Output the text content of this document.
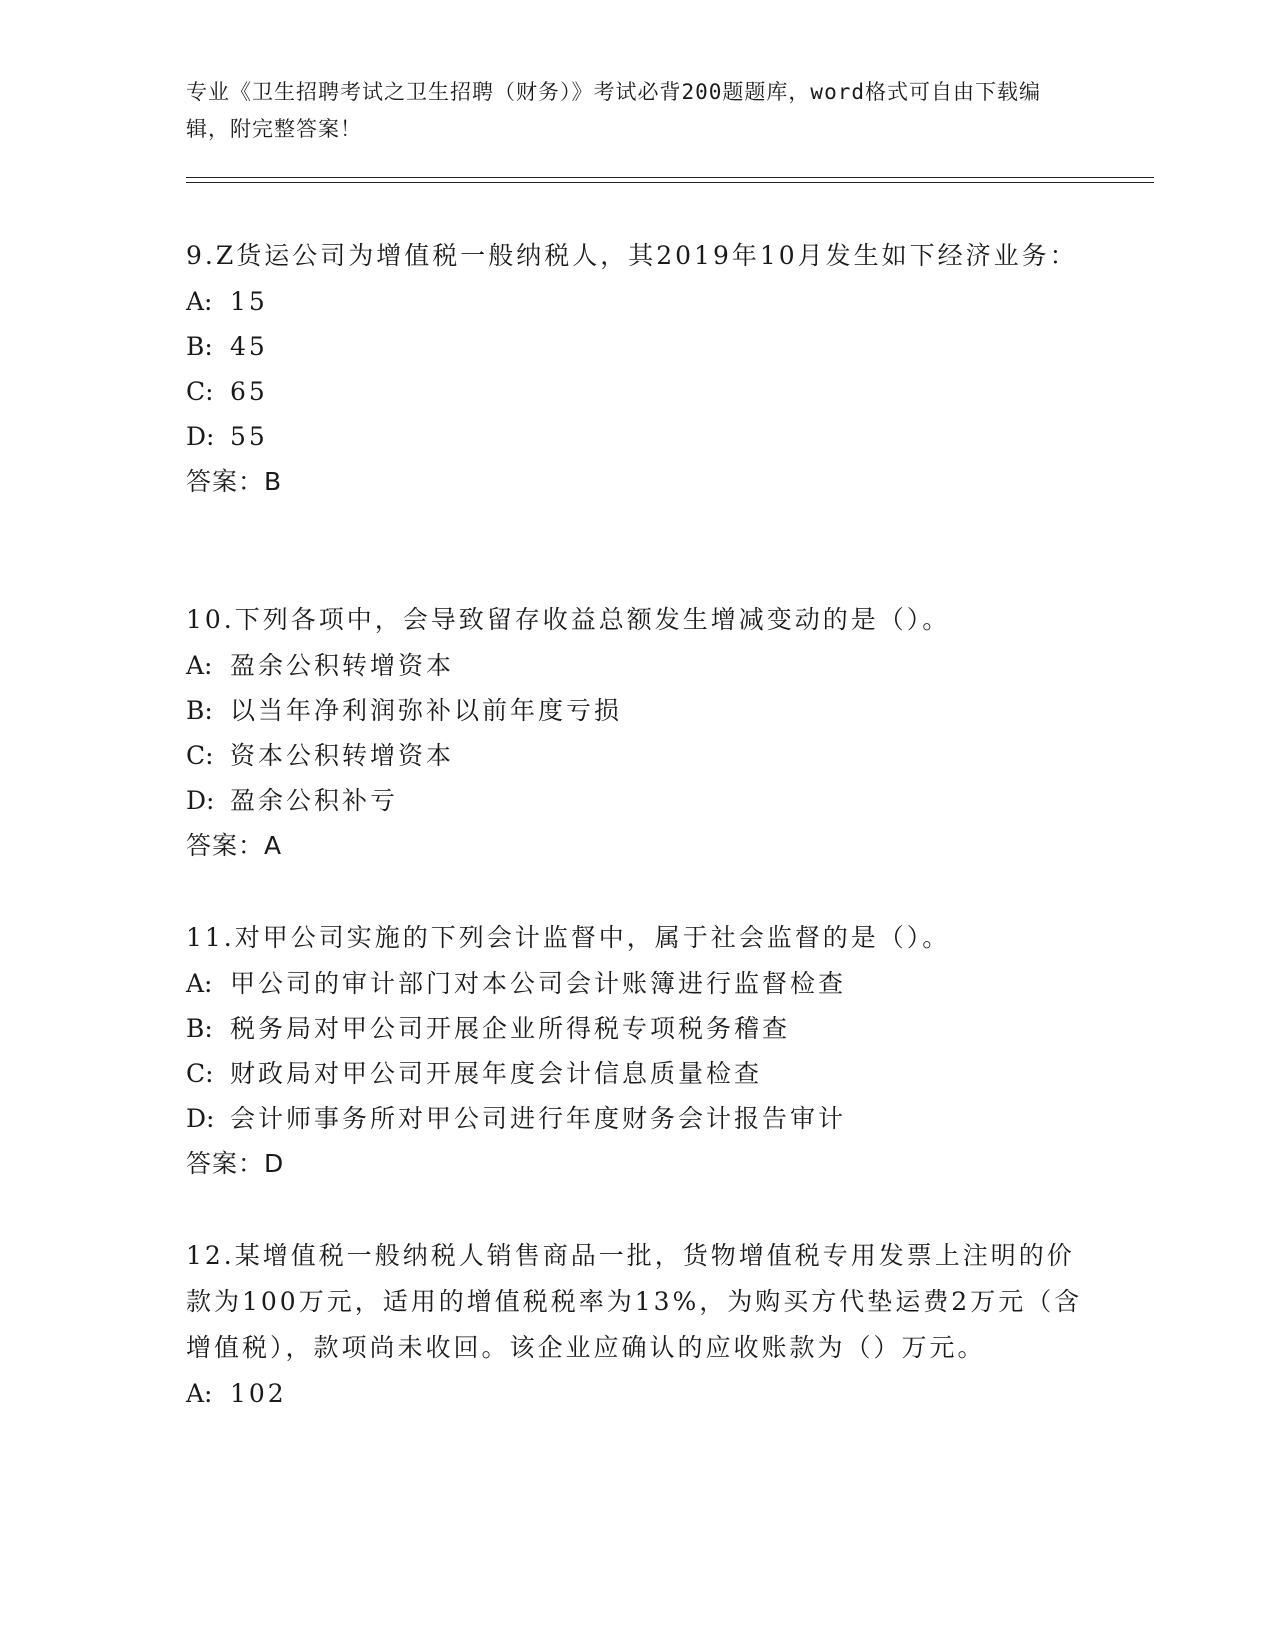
专业《卫生招聘考试之卫生招聘（财务）》考试必背200题题库，word格式可自由下载编辑，附完整答案！

9.Z货运公司为增值税一般纳税人，其2019年10月发生如下经济业务：

A: 15

B: 45

C: 65

D: 55

答案：B

10.下列各项中，会导致留存收益总额发生增减变动的是（）。

A: 盈余公积转增资本

B: 以当年净利润弥补以前年度亏损

C: 资本公积转增资本

D: 盈余公积补亏

答案：A

11.对甲公司实施的下列会计监督中，属于社会监督的是（）。

A: 甲公司的审计部门对本公司会计账簿进行监督检查

B: 税务局对甲公司开展企业所得税专项税务稽查

C: 财政局对甲公司开展年度会计信息质量检查

D: 会计师事务所对甲公司进行年度财务会计报告审计

答案：D

12.某增值税一般纳税人销售商品一批，货物增值税专用发票上注明的价款为100万元，适用的增值税税率为13%，为购买方代垫运费2万元（含增值税），款项尚未收回。该企业应确认的应收账款为（）万元。

A: 102
